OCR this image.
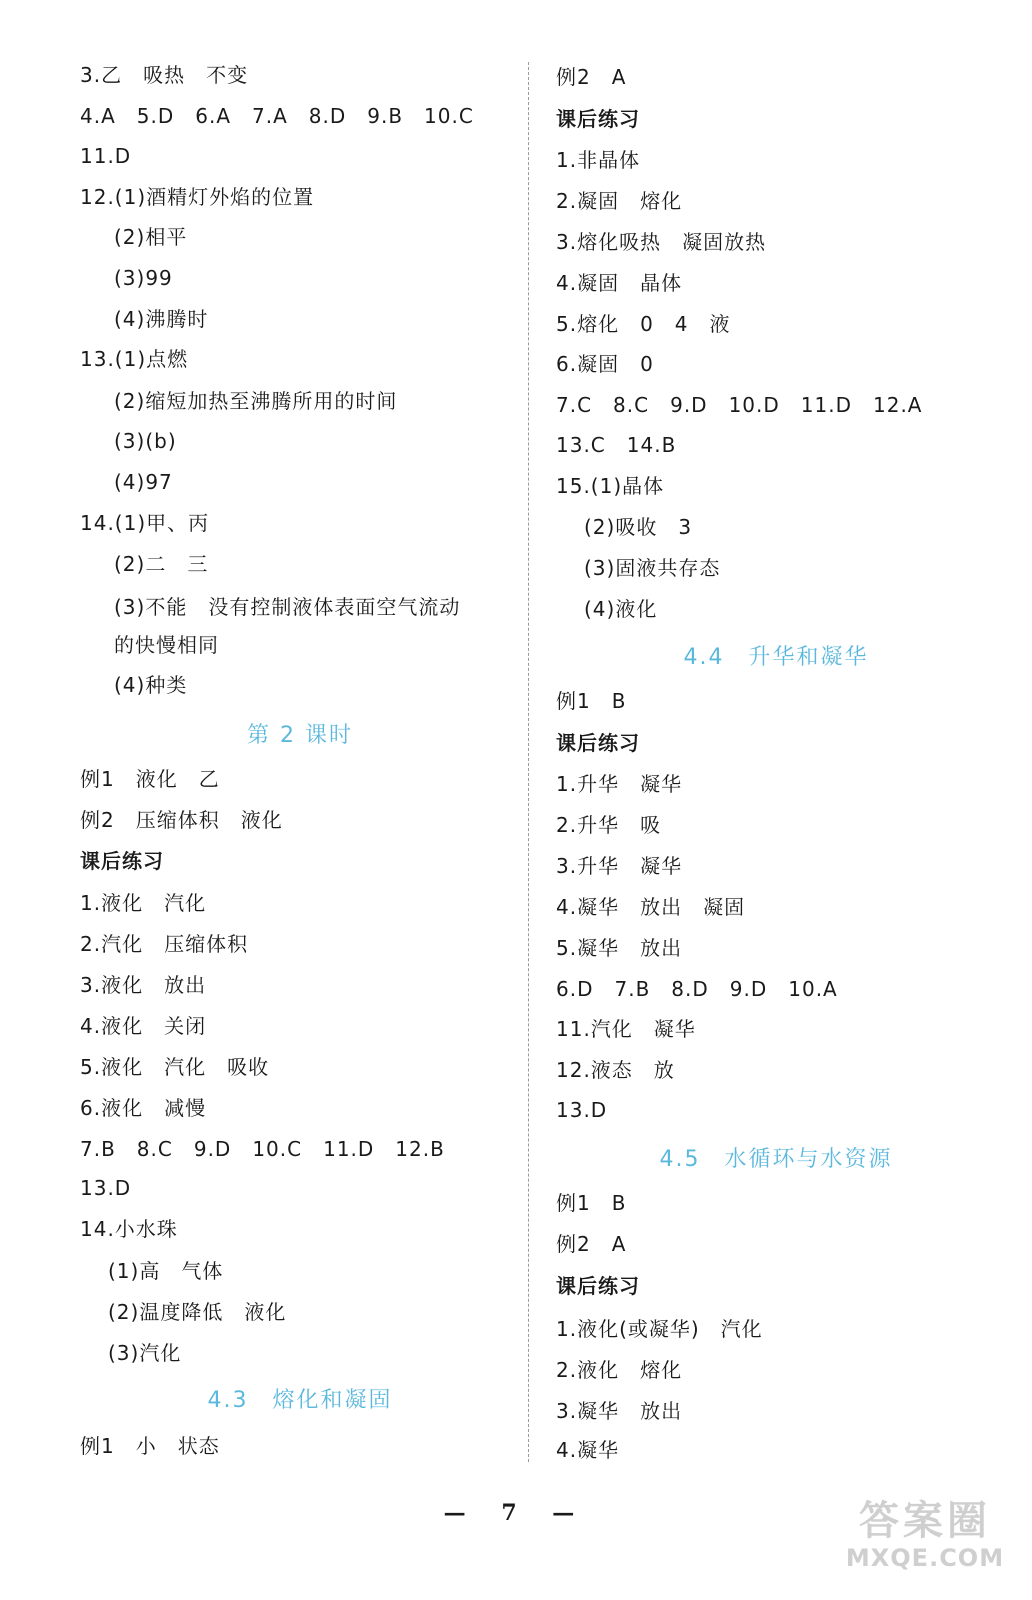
3.乙　吸热　不变
4.A　5.D　6.A　7.A　8.D　9.B　10.C
11.D
12.(1)酒精灯外焰的位置
(2)相平
(3)99
(4)沸腾时
13.(1)点燃
(2)缩短加热至沸腾所用的时间
(3)(b)
(4)97
14.(1)甲、丙
(2)二　三
(3)不能　没有控制液体表面空气流动
的快慢相同
(4)种类
第 2 课时
例1　液化　乙
例2　压缩体积　液化
课后练习
1.液化　汽化
2.汽化　压缩体积
3.液化　放出
4.液化　关闭
5.液化　汽化　吸收
6.液化　减慢
7.B　8.C　9.D　10.C　11.D　12.B
13.D
14.小水珠
(1)高　气体
(2)温度降低　液化
(3)汽化
4.3　熔化和凝固
例1　小　状态
例2　A
课后练习
1.非晶体
2.凝固　熔化
3.熔化吸热　凝固放热
4.凝固　晶体
5.熔化　0　4　液
6.凝固　0
7.C　8.C　9.D　10.D　11.D　12.A
13.C　14.B
15.(1)晶体
(2)吸收　3
(3)固液共存态
(4)液化
4.4　升华和凝华
例1　B
课后练习
1.升华　凝华
2.升华　吸
3.升华　凝华
4.凝华　放出　凝固
5.凝华　放出
6.D　7.B　8.D　9.D　10.A
11.汽化　凝华
12.液态　放
13.D
4.5　水循环与水资源
例1　B
例2　A
课后练习
1.液化(或凝华)　汽化
2.液化　熔化
3.凝华　放出
4.凝华
— 7 —	答案圈
MXQE.COM
